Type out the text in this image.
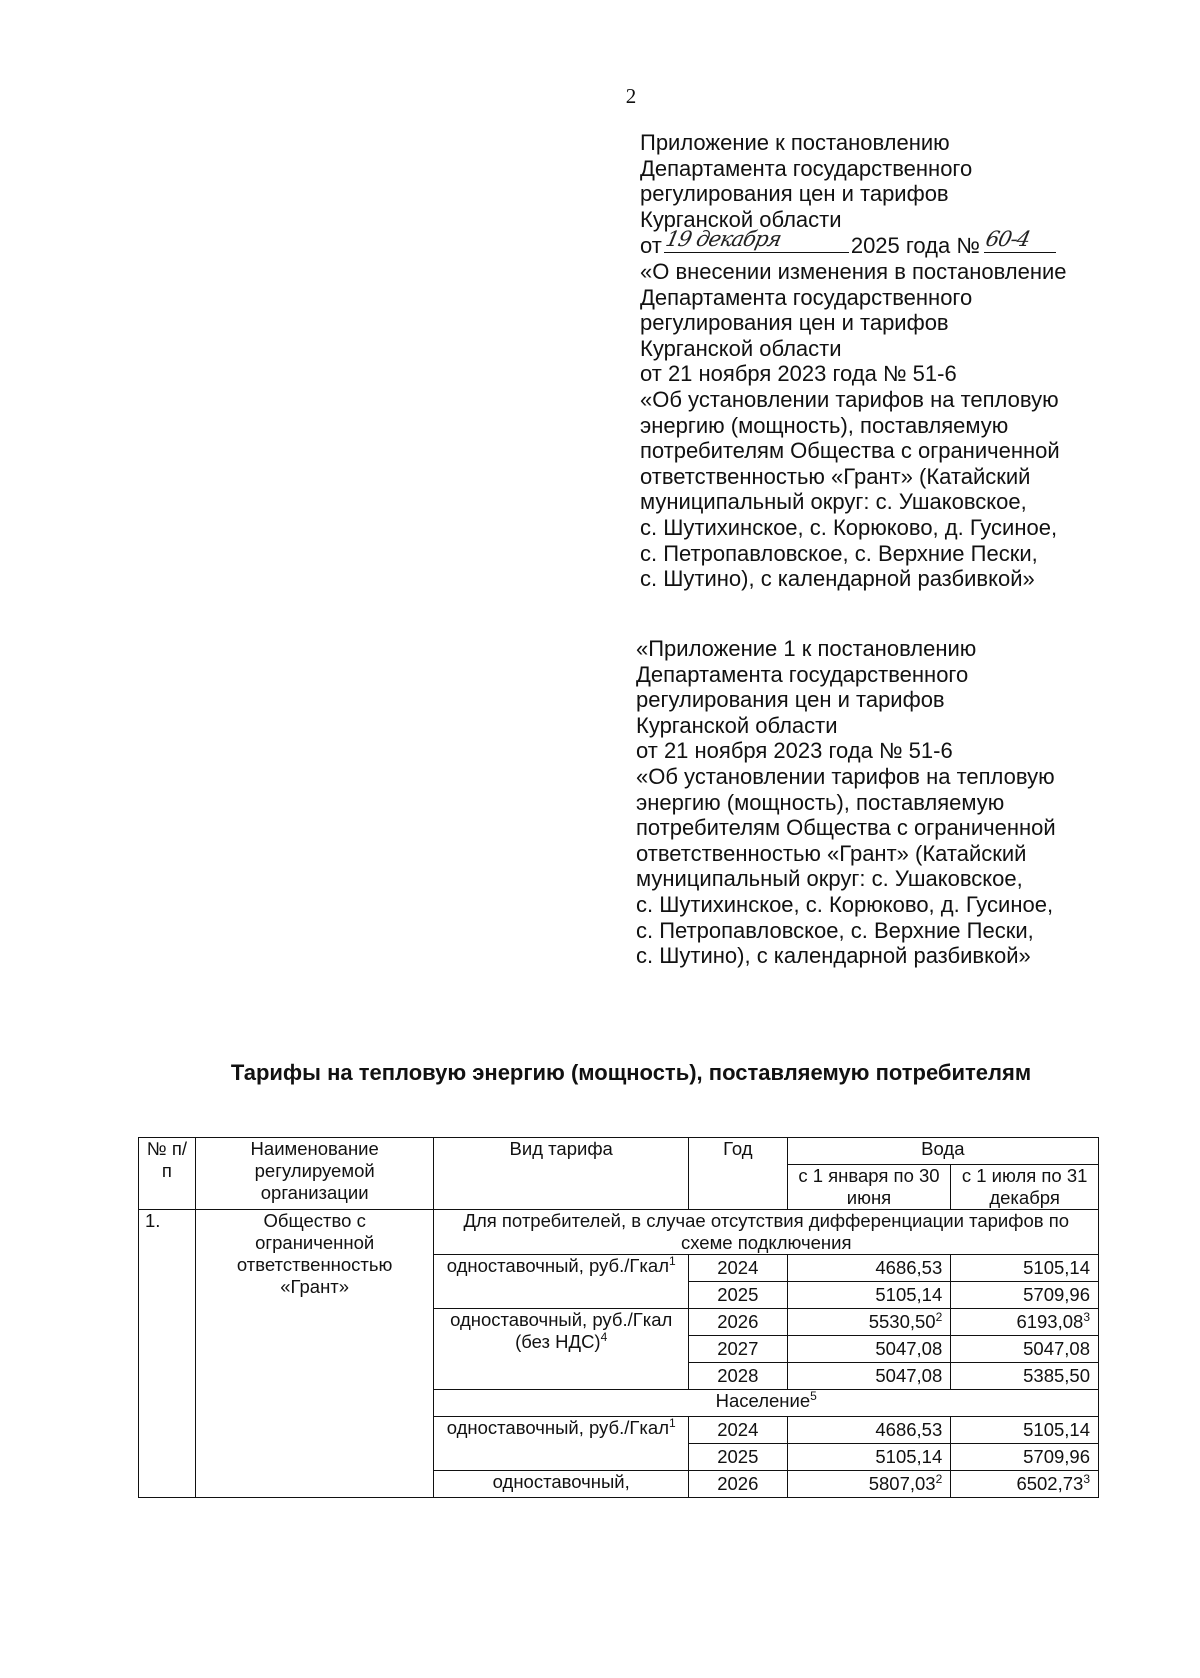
2
Приложение к постановлению
Департамента государственного
регулирования цен и тарифов
Курганской области
от 19 декабря	2025 года № 60-4
«О внесении изменения в постановление
Департамента государственного
регулирования цен и тарифов
Курганской области
от 21 ноября 2023 года № 51-6
«Об установлении тарифов на тепловую
энергию (мощность), поставляемую
потребителям Общества с ограниченной
ответственностью «Грант» (Катайский
муниципальный округ: с. Ушаковское,
с. Шутихинское, с. Корюково, д. Гусиное,
с. Петропавловское, с. Верхние Пески,
с. Шутино), с календарной разбивкой»
«Приложение 1 к постановлению
Департамента государственного
регулирования цен и тарифов
Курганской области
от 21 ноября 2023 года № 51-6
«Об установлении тарифов на тепловую
энергию (мощность), поставляемую
потребителям Общества с ограниченной
ответственностью «Грант» (Катайский
муниципальный округ: с. Ушаковское,
с. Шутихинское, с. Корюково, д. Гусиное,
с. Петропавловское, с. Верхние Пески,
с. Шутино), с календарной разбивкой»
Тарифы на тепловую энергию (мощность), поставляемую потребителям
№ п/п	Наименование регулируемой организации	Вид тарифа	Год	Вода	
				с 1 января по 30 июня	с 1 июля по 31 декабря
1.	Общество с ограниченной ответственностью «Грант»	Для потребителей, в случае отсутствия дифференциации тарифов по схеме подключения			
		одноставочный, руб./Гкал$^1$	2024	4686,53	5105,14
			2025	5105,14	5709,96
		одноставочный, руб./Гкал (без НДС)$^4$	2026	5530,50$^2$	6193,08$^3$
			2027	5047,08	5047,08
			2028	5047,08	5385,50
		Население$^5$
		одноставочный, руб./Гкал$^1$	2024	4686,53	5105,14
			2025	5105,14	5709,96
		одноставочный,	2026	5807,03$^2$	6502,73$^3$
